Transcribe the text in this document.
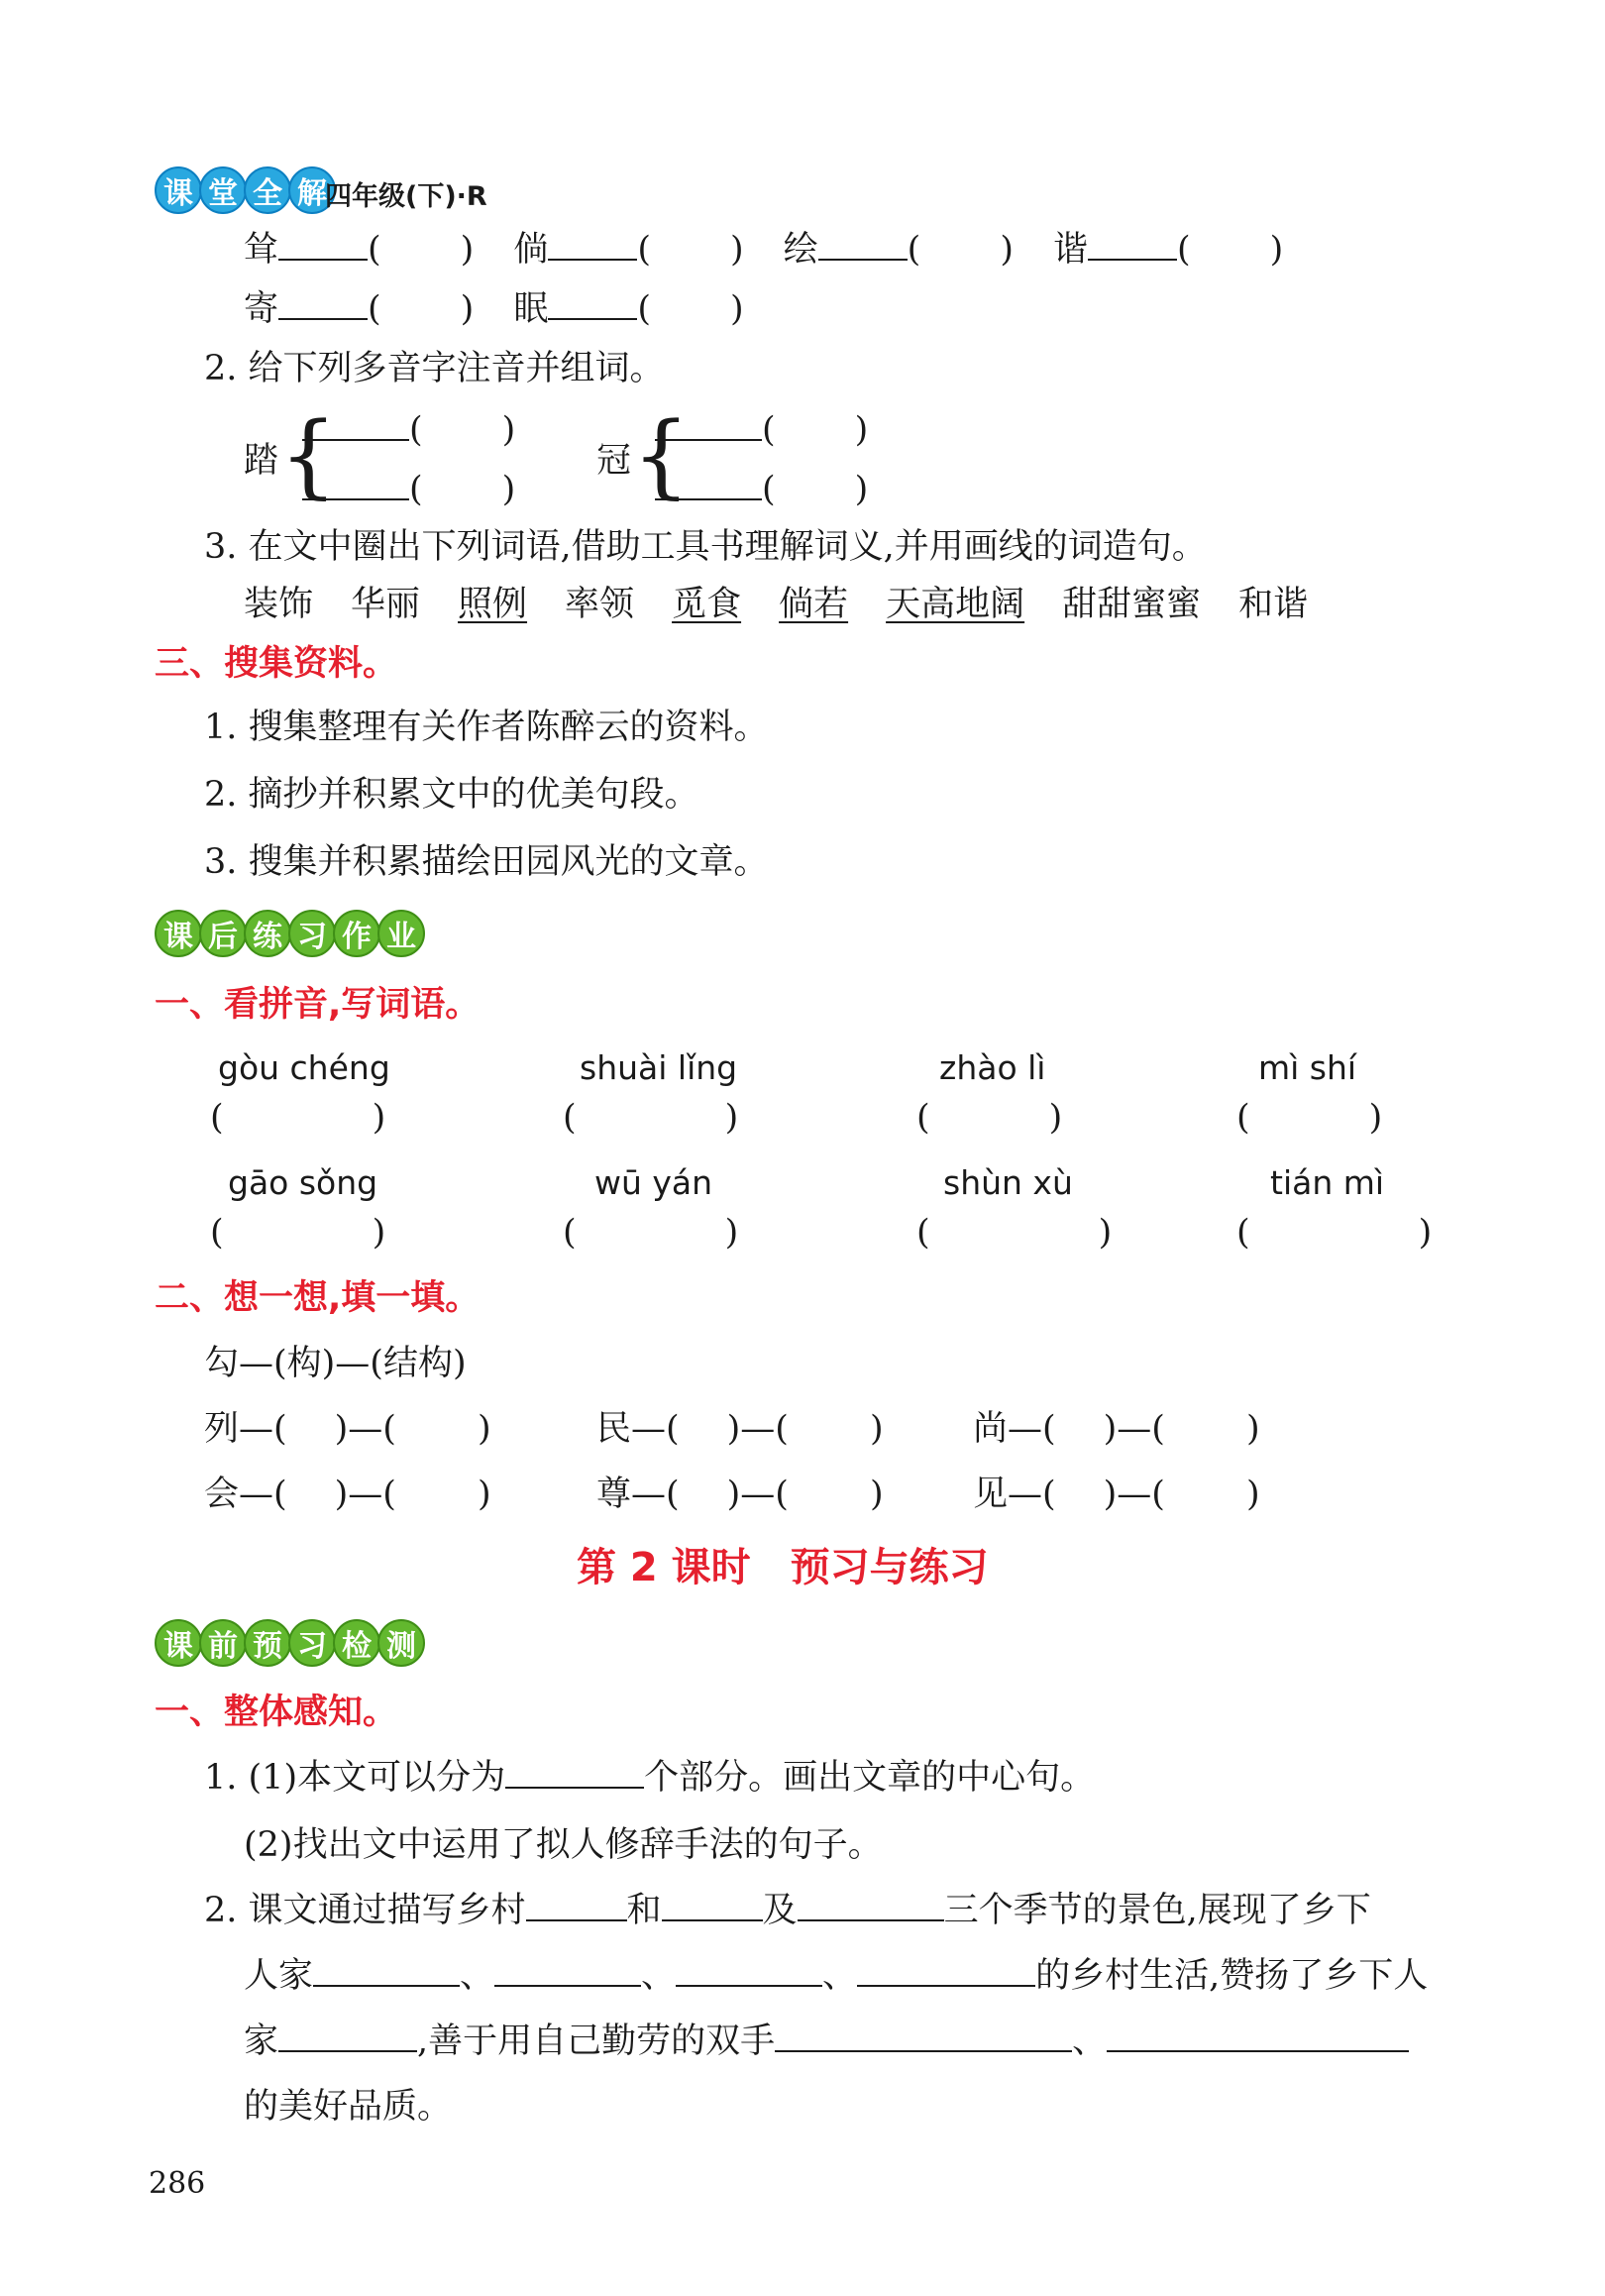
课 堂 全 解
四年级(下)·R
耸	( ) 倘	( ) 绘	( ) 谐	( )
寄	( ) 眠	( )
2. 给下列多音字注音并组词。
踏 {	( )
( )
冠 {	( )
( )
3. 在文中圈出下列词语,借助工具书理解词义,并用画线的词造句。
装饰 华丽 照例 率领 觅食 倘若 天高地阔 甜甜蜜蜜 和谐
三、搜集资料。
1. 搜集整理有关作者陈醉云的资料。
2. 摘抄并积累文中的优美句段。
3. 搜集并积累描绘田园风光的文章。
课 后 练 习 作 业
一、看拼音,写词语。
gòu chéng	shuài lǐng	zhào lì	mì shí
(	)	(	)	(	)	(	)
gāo sǒng	wū yán	shùn xù	tián mì
(	)	(	)	(	)	(	)
二、想一想,填一填。
勾—(构)—(结构)
列—( )—( )	民—( )—( )	尚—( )—( )
会—( )—( )	尊—( )—( )	见—( )—( )
第 2 课时　预习与练习
课 前 预 习 检 测
一、整体感知。
1. (1)本文可以分为	个部分。画出文章的中心句。
(2)找出文中运用了拟人修辞手法的句子。
2. 课文通过描写乡村	和	及	三个季节的景色,展现了乡下
人家	、	、	、	的乡村生活,赞扬了乡下人
家	,善于用自己勤劳的双手	、
的美好品质。
286
